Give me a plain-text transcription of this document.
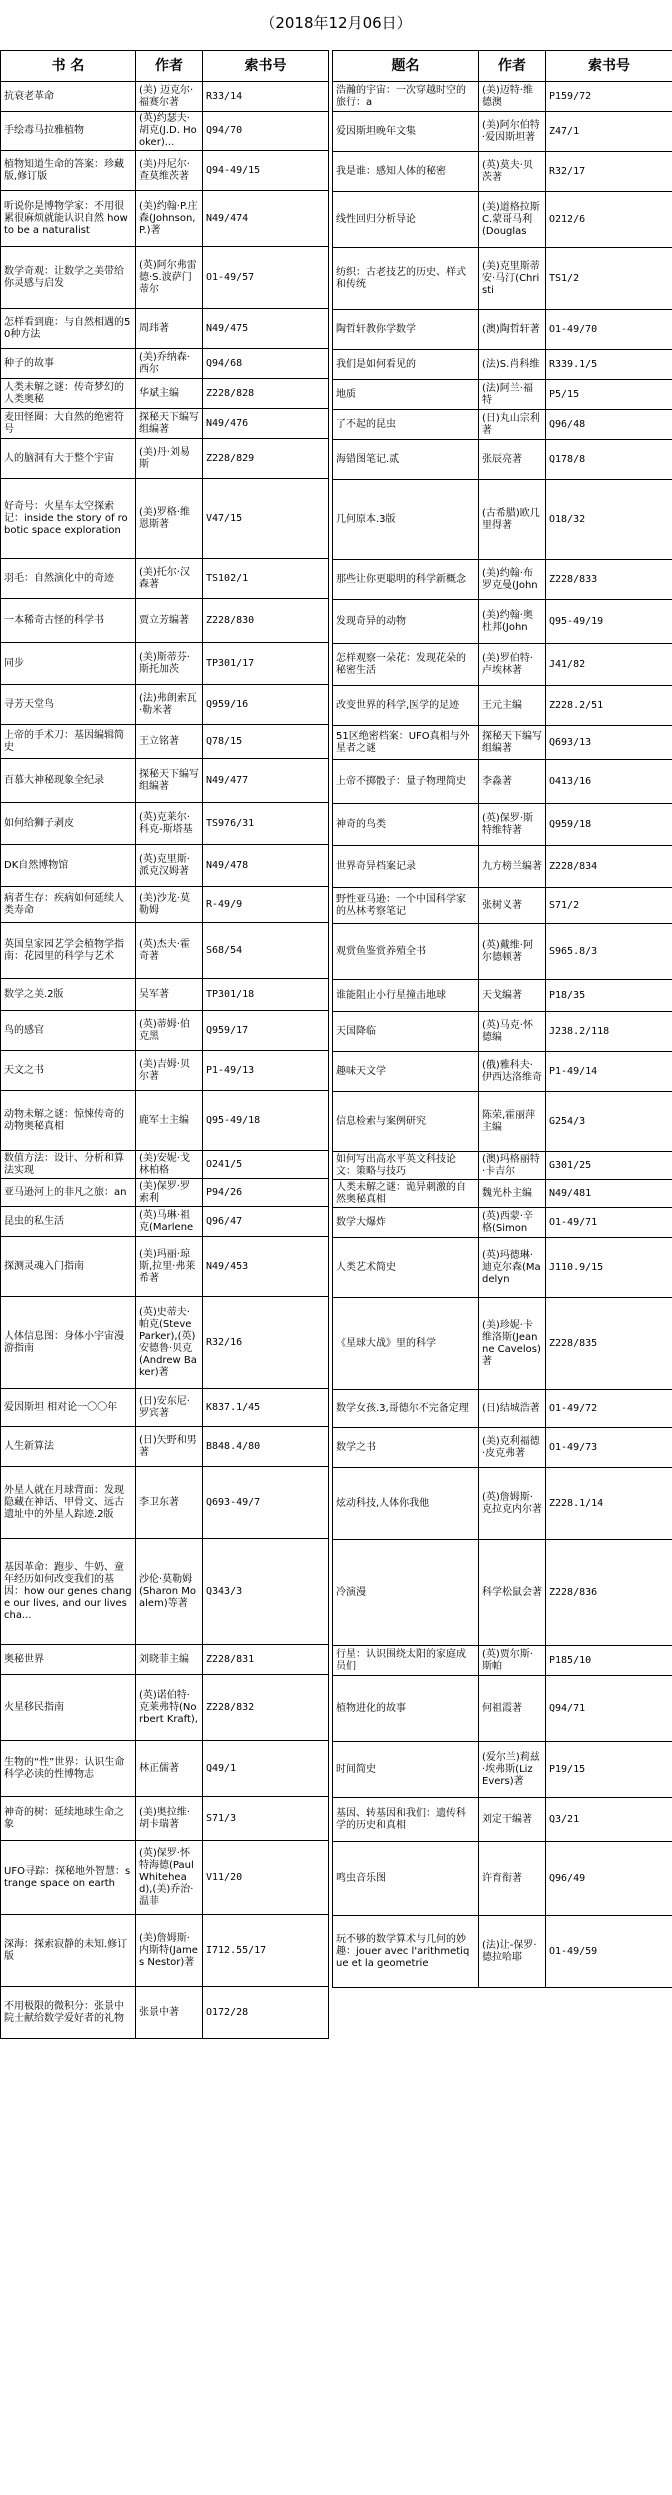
（2018年12月06日）
书 名	作者	索书号
抗衰老革命	(美) 迈克尔·福赛尔著	R33/14
手绘毒马拉雅植物	(英)约瑟夫·胡克(J.D. Hooker)...	Q94/70
植物知道生命的答案：珍藏版,修订版	(美)丹尼尔·查莫维茨著	Q94-49/15
听说你是博物学家：不用很累很麻烦就能认识自然 how to be a naturalist	(美)约翰·P.庄森(Johnson,P.)著	N49/474
数学奇观：让数学之美带给你灵感与启发	(英)阿尔弗雷德·S.波萨门蒂尔	O1-49/57
怎样看到鹿：与自然相遇的50种方法	周玮著	N49/475
种子的故事	(美)乔纳森·西尔	Q94/68
人类未解之谜：传奇梦幻的人类奥秘	华斌主编	Z228/828
麦田怪圈：大自然的绝密符号	探秘天下编写组编著	N49/476
人的脑洞有大于整个宇宙	(美)丹·刘易斯	Z228/829
好奇号：火星车太空探索记：inside the story of robotic space exploration	(美)罗格·维恩斯著	V47/15
羽毛：自然演化中的奇迹	(美)托尔·汉森著	TS102/1
一本稀奇古怪的科学书	贾立芳编著	Z228/830
同步	(美)斯蒂芬·斯托加茨	TP301/17
寻芳天堂鸟	(法)弗朗索瓦·勒米著	Q959/16
上帝的手术刀：基因编辑简史	王立铭著	Q78/15
百慕大神秘现象全纪录	探秘天下编写组编著	N49/477
如何给狮子剥皮	(英)克莱尔·科克-斯塔基	TS976/31
DK自然博物馆	(英)克里斯·派克汉姆著	N49/478
病者生存：疾病如何延续人类寿命	(美)沙龙·莫勒姆	R-49/9
英国皇家园艺学会植物学指南：花园里的科学与艺术	(英)杰夫·霍奇著	S68/54
数学之美.2版	吴军著	TP301/18
鸟的感官	(英)蒂姆·伯克黑	Q959/17
天文之书	(美)吉姆·贝尔著	P1-49/13
动物未解之谜：惊悚传奇的动物奥秘真相	鹿军士主编	Q95-49/18
数值方法：设计、分析和算法实现	(美)安妮·戈林柏格	O241/5
亚马逊河上的非凡之旅：an	(美)保罗·罗索利	P94/26
昆虫的私生活	(英)马琳·祖克(Marlene	Q96/47
探测灵魂入门指南	(美)玛丽·琼斯,拉里·弗莱希著	N49/453
人体信息图：身体小宇宙漫游指南	(英)史蒂夫·帕克(Steve Parker),(英)安德鲁·贝克(Andrew Baker)著	R32/16
爱因斯坦 相对论一〇〇年	(日)安东尼·罗宾著	K837.1/45
人生新算法	(日)矢野和男著	B848.4/80
外星人就在月球背面：发现隐藏在神话、甲骨文、远古遗址中的外星人踪迹.2版	李卫东著	Q693-49/7
基因革命：跑步、牛奶、童年经历如何改变我们的基因：how our genes change our lives, and our lives cha...	沙伦·莫勒姆(Sharon Moalem)等著	Q343/3
奥秘世界	刘晓菲主编	Z228/831
火星移民指南	(英)诺伯特·克莱弗特(Norbert Kraft),	Z228/832
生物的“性”世界：认识生命科学必读的性博物志	林正儒著	Q49/1
神奇的树：延续地球生命之象	(美)奥拉维·胡卡瑞著	S71/3
UFO寻踪：探秘地外智慧：strange space on earth	(英)保罗·怀特海德(Paul Whitehead),(美)乔治·温菲	V11/20
深海：探索寂静的未知.修订版	(美)詹姆斯·内斯特(James Nestor)著	I712.55/17
不用极限的微积分：张景中院士献给数学爱好者的礼物	张景中著	O172/28
题名	作者	索书号
浩瀚的宇宙：一次穿越时空的旅行：a	(美)迈特·维德澳	P159/72
爱因斯坦晚年文集	(美)阿尔伯特·爱因斯坦著	Z47/1
我是谁：感知人体的秘密	(英)莫夫·贝茨著	R32/17
线性回归分析导论	(美)道格拉斯 C.蒙哥马利(Douglas	O212/6
纺织：古老技艺的历史、样式和传统	(美)克里斯蒂安·马汀(Christi	TS1/2
陶哲轩教你学数学	(澳)陶哲轩著	O1-49/70
我们是如何看见的	(法)S.肖科维	R339.1/5
地质	(法)阿兰·福特	P5/15
了不起的昆虫	(日)丸山宗利著	Q96/48
海错图笔记.贰	张辰亮著	Q178/8
几何原本.3版	(古希腊)欧几里得著	O18/32
那些让你更聪明的科学新概念	(美)约翰·布罗克曼(John	Z228/833
发现奇异的动物	(美)约翰·奥杜邦(John	Q95-49/19
怎样观察一朵花：发现花朵的秘密生活	(美)罗伯特·卢埃林著	J41/82
改变世界的科学,医学的足迹	王元主编	Z228.2/51
51区绝密档案：UFO真相与外星者之谜	探秘天下编写组编著	Q693/13
上帝不掷骰子：量子物理简史	李淼著	O413/16
神奇的鸟类	(英)保罗·斯特维特著	Q959/18
世界奇异档案记录	九方榜兰编著	Z228/834
野性亚马逊：一个中国科学家的丛林考察笔记	张树义著	S71/2
观赏鱼鉴赏养殖全书	(英)戴维·阿尔德顿著	S965.8/3
谁能阻止小行星撞击地球	天戈编著	P18/35
天国降临	(英)马克·怀德编	J238.2/118
趣味天文学	(俄)雅科夫·伊西达洛维奇	P1-49/14
信息检索与案例研究	陈荣,霍丽萍主编	G254/3
如何写出高水平英文科技论文：策略与技巧	(澳)玛格丽特·卡吉尔	G301/25
人类未解之谜：诡异刺激的自然奥秘真相	魏光朴主编	N49/481
数学大爆炸	(英)西蒙·辛格(Simon	O1-49/71
人类艺术简史	(英)玛德琳·迪克尔森(Madelyn	J110.9/15
《星球大战》里的科学	(美)珍妮·卡维洛斯(Jeanne Cavelos)著	Z228/835
数学女孩.3,哥德尔不完备定理	(日)结城浩著	O1-49/72
数学之书	(美)克利福德·皮克弗著	O1-49/73
炫动科技,人体你我他	(英)詹姆斯·克拉克内尔著	Z228.1/14
冷演漫	科学松鼠会著	Z228/836
行星：认识围绕太阳的家庭成员们	(英)贾尔斯·斯帕	P185/10
植物进化的故事	何祖霞著	Q94/71
时间简史	(爱尔兰)莉兹·埃弗斯(Liz Evers)著	P19/15
基因、转基因和我们：遗传科学的历史和真相	刘定干编著	Q3/21
鸣虫音乐图	许育衔著	Q96/49
玩不够的数学算术与几何的妙趣：jouer avec l'arithmetique et la geometrie	(法)让-保罗·德拉哈耶	O1-49/59
